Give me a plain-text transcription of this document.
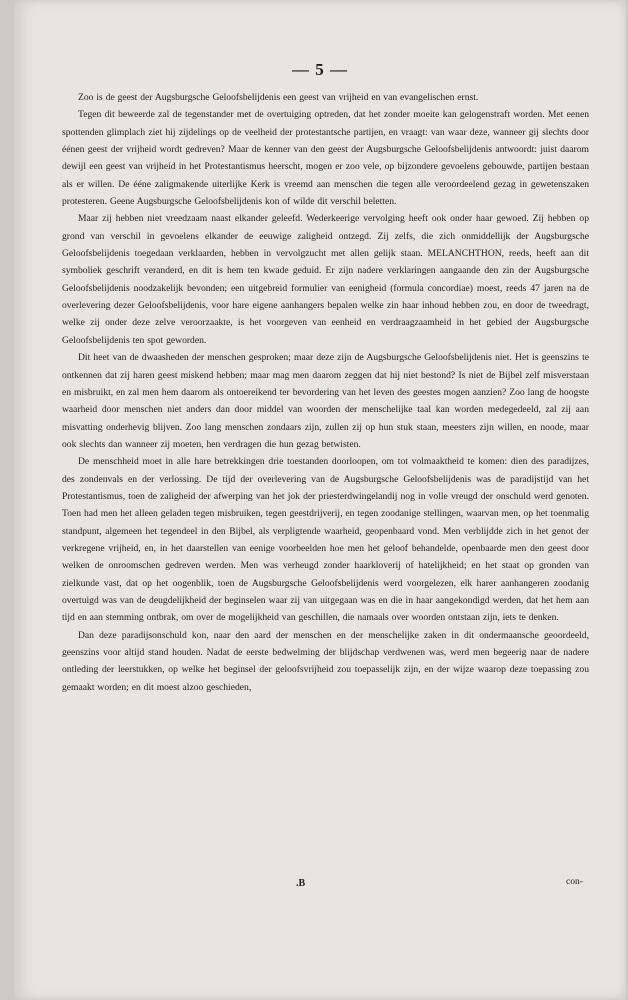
— 5 —

Zoo is de geest der Augsburgsche Geloofsbelijdenis een geest van vrijheid en van evangelischen ernst.

Tegen dit beweerde zal de tegenstander met de overtuiging optreden, dat het zonder moeite kan gelogenstraft worden. Met eenen spottenden glimplach ziet hij zijdelings op de veelheid der protestantsche partijen, en vraagt: van waar deze, wanneer gij slechts door éénen geest der vrijheid wordt gedreven? Maar de kenner van den geest der Augsburgsche Geloofsbelijdenis antwoordt: juist daarom dewijl een geest van vrijheid in het Protestantismus heerscht, mogen er zoo vele, op bijzondere gevoelens gebouwde, partijen bestaan als er willen. De ééne zaligmakende uiterlijke Kerk is vreemd aan menschen die tegen alle veroordeelend gezag in gewetenszaken protesteren. Geene Augsburgsche Geloofsbelijdenis kon of wilde dit verschil beletten.

Maar zij hebben niet vreedzaam naast elkander geleefd. Wederkeerige vervolging heeft ook onder haar gewoed. Zij hebben op grond van verschil in gevoelens elkander de eeuwige zaligheid ontzegd. Zij zelfs, die zich onmiddellijk der Augsburgsche Geloofsbelijdenis toegedaan verklaarden, hebben in vervolgzucht met allen gelijk staan. MELANCHTHON, reeds, heeft aan dit symboliek geschrift veranderd, en dit is hem ten kwade geduid. Er zijn nadere verklaringen aangaande den zin der Augsburgsche Geloofsbelijdenis noodzakelijk bevonden; een uitgebreid formulier van eenigheid (formula concordiae) moest, reeds 47 jaren na de overlevering dezer Geloofsbelijdenis, voor hare eigene aanhangers bepalen welke zin haar inhoud hebben zou, en door de tweedragt, welke zij onder deze zelve veroorzaakte, is het voorgeven van eenheid en verdraagzaamheid in het gebied der Augsburgsche Geloofsbelijdenis ten spot geworden.

Dit heet van de dwaasheden der menschen gesproken; maar deze zijn de Augsburgsche Geloofsbelijdenis niet. Het is geenszins te ontkennen dat zij haren geest miskend hebben; maar mag men daarom zeggen dat hij niet bestond? Is niet de Bijbel zelf misverstaan en misbruikt, en zal men hem daarom als ontoereikend ter bevordering van het leven des geestes mogen aanzien? Zoo lang de hoogste waarheid door menschen niet anders dan door middel van woorden der menschelijke taal kan worden medegedeeld, zal zij aan misvatting onderhevig blijven. Zoo lang menschen zondaars zijn, zullen zij op hun stuk staan, meesters zijn willen, en noode, maar ook slechts dan wanneer zij moeten, hen verdragen die hun gezag betwisten.

De menschheid moet in alle hare betrekkingen drie toestanden doorloopen, om tot volmaaktheid te komen: dien des paradijzes, des zondenvals en der verlossing. De tijd der overlevering van de Augsburgsche Geloofsbelijdenis was de paradijstijd van het Protestantismus, toen de zaligheid der afwerping van het jok der priesterdwingelandij nog in volle vreugd der onschuld werd genoten. Toen had men het alleen geladen tegen misbruiken, tegen geestdrijverij, en tegen zoodanige stellingen, waarvan men, op het toenmalig standpunt, algemeen het tegendeel in den Bijbel, als verpligtende waarheid, geopenbaard vond. Men verblijdde zich in het genot der verkregene vrijheid, en, in het daarstellen van eenige voorbeelden hoe men het geloof behandelde, openbaarde men den geest door welken de onroomschen gedreven werden. Men was verheugd zonder haarkloverij of hatelijkheid; en het staat op gronden van zielkunde vast, dat op het oogenblik, toen de Augsburgsche Geloofsbelijdenis werd voorgelezen, elk harer aanhangeren zoodanig overtuigd was van de deugdelijkheid der beginselen waar zij van uitgegaan was en die in haar aangekondigd werden, dat het hem aan tijd en aan stemming ontbrak, om over de mogelijkheid van geschillen, die namaals over woorden ontstaan zijn, iets te denken.

Dan deze paradijsonschuld kon, naar den aard der menschen en der menschelijke zaken in dit ondermaansche geoordeeld, geenszins voor altijd stand houden. Nadat de eerste bedwelming der blijdschap verdwenen was, werd men begeerig naar de nadere ontleding der leerstukken, op welke het beginsel der geloofsvrijheid zou toepasselijk zijn, en der wijze waarop deze toepassing zou gemaakt worden; en dit moest alzoo geschieden,

.B	con-
